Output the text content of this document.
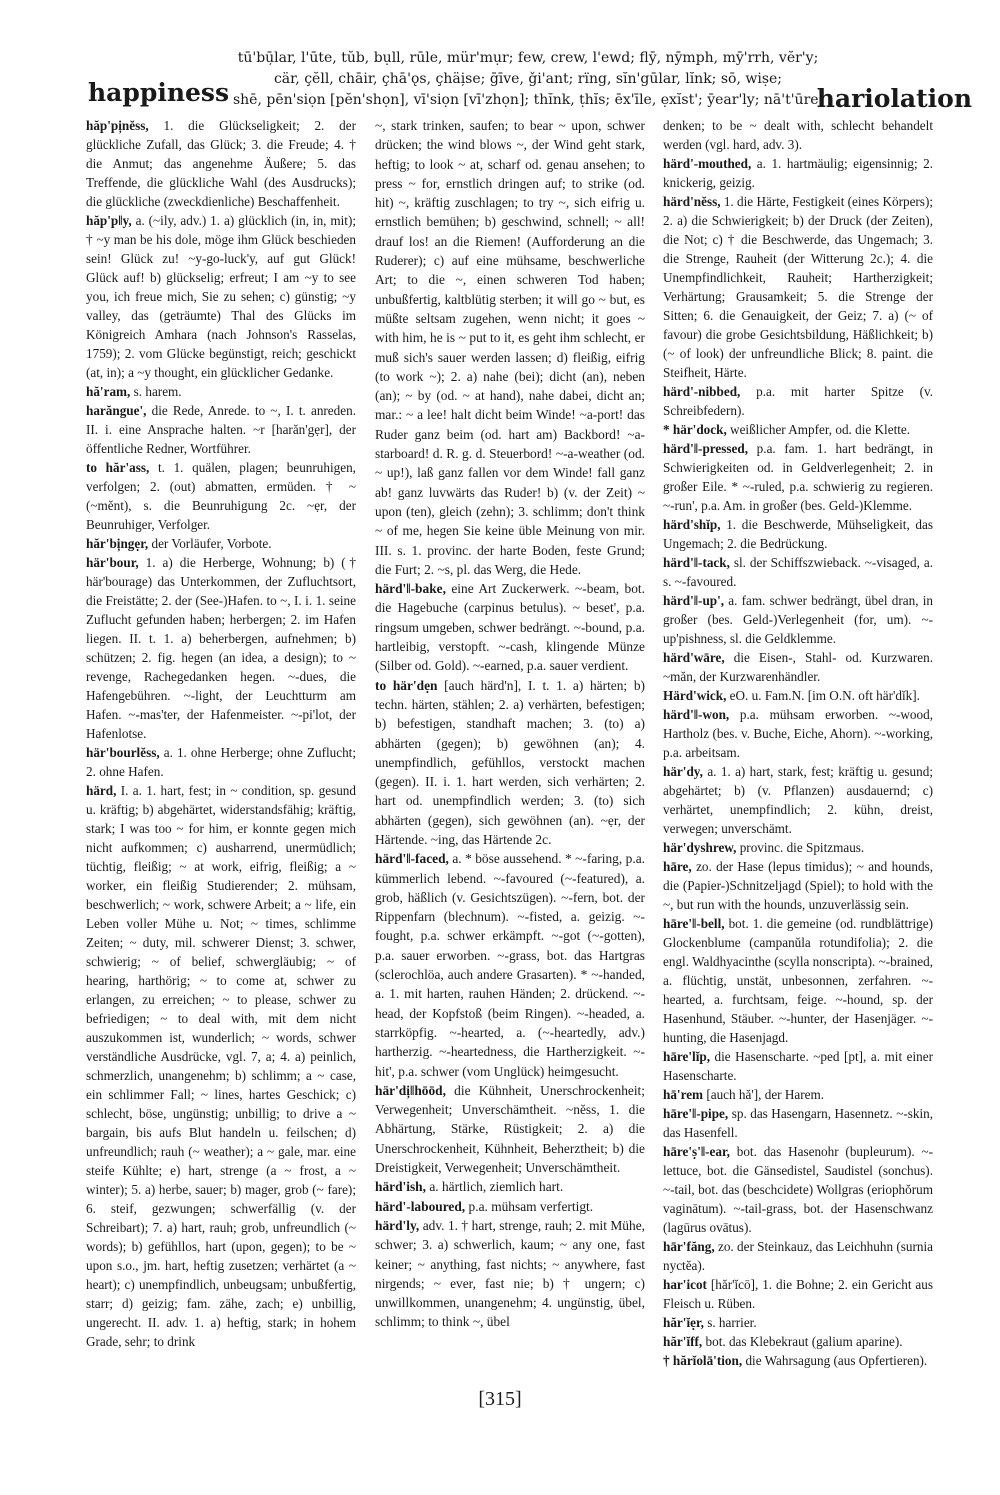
happiness
tū'bū̦lar, l'ūte, tŭb, bụll, rūle, mür'mụr; few, crew, l'ewd; flȳ, nȳmph, mȳ'rrh, vĕr'y;
cär, çĕll, chāir, çhā'ǫs, çhäi̦se; ḡīve, ǧi'ant; rïng, sĭn'gūlar, lĭnk; sō, wiṣe;
shē, pēn'siọn [pĕn'shọn], vī'siọn [vī'zhọn]; thĭnk, ṭhĭs; ēx'īle, ẹxĭst'; ȳear'ly; nā't'ūre.
hariolation

hăp'pi̦nĕss, 1. die Glückseligkeit; 2. der glückliche Zufall, das Glück; 3. die Freude; 4. † die Anmut; das angenehme Äußere; 5. das Treffende, die glückliche Wahl (des Ausdrucks); die glückliche (zweckdienliche) Beschaffenheit.

hăp'p‖y, a. (~ily, adv.) 1. a) glücklich (in, in, mit); † ~y man be his dole, möge ihm Glück beschieden sein! Glück zu! ~y-go-luck'y, auf gut Glück! Glück auf! b) glückselig; erfreut; I am ~y to see you, ich freue mich, Sie zu sehen; c) günstig; ~y valley, das (geträumte) Thal des Glücks im Königreich Amhara (nach Johnson's Rasselas, 1759); 2. vom Glücke begünstigt, reich; geschickt (at, in); a ~y thought, ein glücklicher Gedanke.

hă'ram, s. harem.

harăngue', die Rede, Anrede. to ~, I. t. anreden. II. i. eine Ansprache halten. ~r [harăn'gẹr], der öffentliche Redner, Wortführer.

to hăr'ass, t. 1. quälen, plagen; beunruhigen, verfolgen; 2. (out) abmatten, ermüden. † ~ (~mĕnt), s. die Beunruhigung 2c. ~ẹr, der Beunruhiger, Verfolger.

hăr'bi̦ngẹr, der Vorläufer, Vorbote.

här'bour, 1. a) die Herberge, Wohnung; b) († här'bourage) das Unterkommen, der Zufluchtsort, die Freistätte; 2. der (See-)Hafen. to ~, I. i. 1. seine Zuflucht gefunden haben; herbergen; 2. im Hafen liegen. II. t. 1. a) beherbergen, aufnehmen; b) schützen; 2. fig. hegen (an idea, a design); to ~ revenge, Rachegedanken hegen. ~-dues, die Hafengebühren. ~-light, der Leuchtturm am Hafen. ~-mas'ter, der Hafenmeister. ~-pi'lot, der Hafenlotse.

här'bourlĕss, a. 1. ohne Herberge; ohne Zuflucht; 2. ohne Hafen.

härd, I. a. 1. hart, fest; in ~ condition, sp. gesund u. kräftig; b) abgehärtet, widerstandsfähig; kräftig, stark; I was too ~ for him, er konnte gegen mich nicht aufkommen; c) ausharrend, unermüdlich; tüchtig, fleißig; ~ at work, eifrig, fleißig; a ~ worker, ein fleißig Studierender; 2. mühsam, beschwerlich; ~ work, schwere Arbeit; a ~ life, ein Leben voller Mühe u. Not; ~ times, schlimme Zeiten; ~ duty, mil. schwerer Dienst; 3. schwer, schwierig; ~ of belief, schwergläubig; ~ of hearing, harthörig; ~ to come at, schwer zu erlangen, zu erreichen; ~ to please, schwer zu befriedigen; ~ to deal with, mit dem nicht auszukommen ist, wunderlich; ~ words, schwer verständliche Ausdrücke, vgl. 7, a; 4. a) peinlich, schmerzlich, unangenehm; b) schlimm; a ~ case, ein schlimmer Fall; ~ lines, hartes Geschick; c) schlecht, böse, ungünstig; unbillig; to drive a ~ bargain, bis aufs Blut handeln u. feilschen; d) unfreundlich; rauh (~ weather); a ~ gale, mar. eine steife Kühlte; e) hart, strenge (a ~ frost, a ~ winter); 5. a) herbe, sauer; b) mager, grob (~ fare); 6. steif, gezwungen; schwerfällig (v. der Schreibart); 7. a) hart, rauh; grob, unfreundlich (~ words); b) gefühllos, hart (upon, gegen); to be ~ upon s.o., jm. hart, heftig zusetzen; verhärtet (a ~ heart); c) unempfindlich, unbeugsam; unbußfertig, starr; d) geizig; fam. zähe, zach; e) unbillig, ungerecht. II. adv. 1. a) heftig, stark; in hohem Grade, sehr; to drink

~, stark trinken, saufen; to bear ~ upon, schwer drücken; the wind blows ~, der Wind geht stark, heftig; to look ~ at, scharf od. genau ansehen; to press ~ for, ernstlich dringen auf; to strike (od. hit) ~, kräftig zuschlagen; to try ~, sich eifrig u. ernstlich bemühen; b) geschwind, schnell; ~ all! drauf los! an die Riemen! (Aufforderung an die Ruderer); c) auf eine mühsame, beschwerliche Art; to die ~, einen schweren Tod haben; unbußfertig, kaltblütig sterben; it will go ~ but, es müßte seltsam zugehen, wenn nicht; it goes ~ with him, he is ~ put to it, es geht ihm schlecht, er muß sich's sauer werden lassen; d) fleißig, eifrig (to work ~); 2. a) nahe (bei); dicht (an), neben (an); ~ by (od. ~ at hand), nahe dabei, dicht an; mar.: ~ a lee! halt dicht beim Winde! ~a-port! das Ruder ganz beim (od. hart am) Backbord! ~a-starboard! d. R. g. d. Steuerbord! ~-a-weather (od. ~ up!), laß ganz fallen vor dem Winde! fall ganz ab! ganz luvwärts das Ruder! b) (v. der Zeit) ~ upon (ten), gleich (zehn); 3. schlimm; don't think ~ of me, hegen Sie keine üble Meinung von mir. III. s. 1. provinc. der harte Boden, feste Grund; die Furt; 2. ~s, pl. das Werg, die Hede.

härd'‖-bake, eine Art Zuckerwerk. ~-beam, bot. die Hagebuche (carpinus betulus). ~ beset', p.a. ringsum umgeben, schwer bedrängt. ~-bound, p.a. hartleibig, verstopft. ~-cash, klingende Münze (Silber od. Gold). ~-earned, p.a. sauer verdient.

to här'dẹn [auch härd'n], I. t. 1. a) härten; b) techn. härten, stählen; 2. a) verhärten, befestigen; b) befestigen, standhaft machen; 3. (to) a) abhärten (gegen); b) gewöhnen (an); 4. unempfindlich, gefühllos, verstockt machen (gegen). II. i. 1. hart werden, sich verhärten; 2. hart od. unempfindlich werden; 3. (to) sich abhärten (gegen), sich gewöhnen (an). ~ẹr, der Härtende. ~ing, das Härtende 2c.

härd'‖-faced, a. * böse aussehend. * ~-faring, p.a. kümmerlich lebend. ~-favoured (~-featured), a. grob, häßlich (v. Gesichtszügen). ~-fern, bot. der Rippenfarn (blechnum). ~-fisted, a. geizig. ~-fought, p.a. schwer erkämpft. ~-got (~-gotten), p.a. sauer erworben. ~-grass, bot. das Hartgras (sclerochlöa, auch andere Grasarten). * ~-handed, a. 1. mit harten, rauhen Händen; 2. drückend. ~-head, der Kopfstoß (beim Ringen). ~-headed, a. starrköpfig. ~-hearted, a. (~-heartedly, adv.) hartherzig. ~-heartedness, die Hartherzigkeit. ~-hit', p.a. schwer (vom Unglück) heimgesucht.

här'di̦‖hōōd, die Kühnheit, Unerschrockenheit; Verwegenheit; Unverschämtheit. ~nĕss, 1. die Abhärtung, Stärke, Rüstigkeit; 2. a) die Unerschrockenheit, Kühnheit, Beherztheit; b) die Dreistigkeit, Verwegenheit; Unverschämtheit.

härd'ish, a. härtlich, ziemlich hart.

härd'-laboured, p.a. mühsam verfertigt.

härd'ly, adv. 1. † hart, strenge, rauh; 2. mit Mühe, schwer; 3. a) schwerlich, kaum; ~ any one, fast keiner; ~ anything, fast nichts; ~ anywhere, fast nirgends; ~ ever, fast nie; b) † ungern; c) unwillkommen, unangenehm; 4. ungünstig, übel, schlimm; to think ~, übel

denken; to be ~ dealt with, schlecht behandelt werden (vgl. hard, adv. 3).

härd'-mouthed, a. 1. hartmäulig; eigensinnig; 2. knickerig, geizig.

härd'nĕss, 1. die Härte, Festigkeit (eines Körpers); 2. a) die Schwierigkeit; b) der Druck (der Zeiten), die Not; c) † die Beschwerde, das Ungemach; 3. die Strenge, Rauheit (der Witterung 2c.); 4. die Unempfindlichkeit, Rauheit; Hartherzigkeit; Verhärtung; Grausamkeit; 5. die Strenge der Sitten; 6. die Genauigkeit, der Geiz; 7. a) (~ of favour) die grobe Gesichtsbildung, Häßlichkeit; b) (~ of look) der unfreundliche Blick; 8. paint. die Steifheit, Härte.

härd'-nibbed, p.a. mit harter Spitze (v. Schreibfedern).

* här'dock, weißlicher Ampfer, od. die Klette.

härd'‖-pressed, p.a. fam. 1. hart bedrängt, in Schwierigkeiten od. in Geldverlegenheit; 2. in großer Eile. * ~-ruled, p.a. schwierig zu regieren. ~-run', p.a. Am. in großer (bes. Geld-)Klemme.

härd'shĭp, 1. die Beschwerde, Mühseligkeit, das Ungemach; 2. die Bedrückung.

härd'‖-tack, sl. der Schiffszwieback. ~-visaged, a. s. ~-favoured.

härd'‖-up', a. fam. schwer bedrängt, übel dran, in großer (bes. Geld-)Verlegenheit (for, um). ~-up'pishness, sl. die Geldklemme.

härd'wāre, die Eisen-, Stahl- od. Kurzwaren. ~măn, der Kurzwarenhändler.

Härd'wick, eO. u. Fam.N. [im O.N. oft här'dĭk].

härd'‖-won, p.a. mühsam erworben. ~-wood, Hartholz (bes. v. Buche, Eiche, Ahorn). ~-working, p.a. arbeitsam.

här'dy, a. 1. a) hart, stark, fest; kräftig u. gesund; abgehärtet; b) (v. Pflanzen) ausdauernd; c) verhärtet, unempfindlich; 2. kühn, dreist, verwegen; unverschämt.

här'dyshrew, provinc. die Spitzmaus.

hāre, zo. der Hase (lepus timidus); ~ and hounds, die (Papier-)Schnitzeljagd (Spiel); to hold with the ~, but run with the hounds, unzuverlässig sein.

hāre'‖-bell, bot. 1. die gemeine (od. rundblättrige) Glockenblume (campanŭla rotundifolia); 2. die engl. Waldhyacinthe (scylla nonscripta). ~-brained, a. flüchtig, unstät, unbesonnen, zerfahren. ~-hearted, a. furchtsam, feige. ~-hound, sp. der Hasenhund, Stäuber. ~-hunter, der Hasenjäger. ~-hunting, die Hasenjagd.

hāre'lĭp, die Hasenscharte. ~ped [pt], a. mit einer Hasenscharte.

hā'rem [auch hă'], der Harem.

hāre'‖-pipe, sp. das Hasengarn, Hasennetz. ~-skin, das Hasenfell.

hāre'ṣ'‖-ear, bot. das Hasenohr (bupleurum). ~-lettuce, bot. die Gänsedistel, Saudistel (sonchus). ~-tail, bot. das (beschcidete) Wollgras (eriophŏrum vaginātum). ~-tail-grass, bot. der Hasenschwanz (lagūrus ovātus).

hār'făng, zo. der Steinkauz, das Leichhuhn (surnia nyctĕa).

har'icot [hăr'ĭcō], 1. die Bohne; 2. ein Gericht aus Fleisch u. Rüben.

hăr'ĭẹr, s. harrier.

hăr'ĭff, bot. das Klebekraut (galium aparine).

† hărĭolā'tion, die Wahrsagung (aus Opfertieren).

[315]
